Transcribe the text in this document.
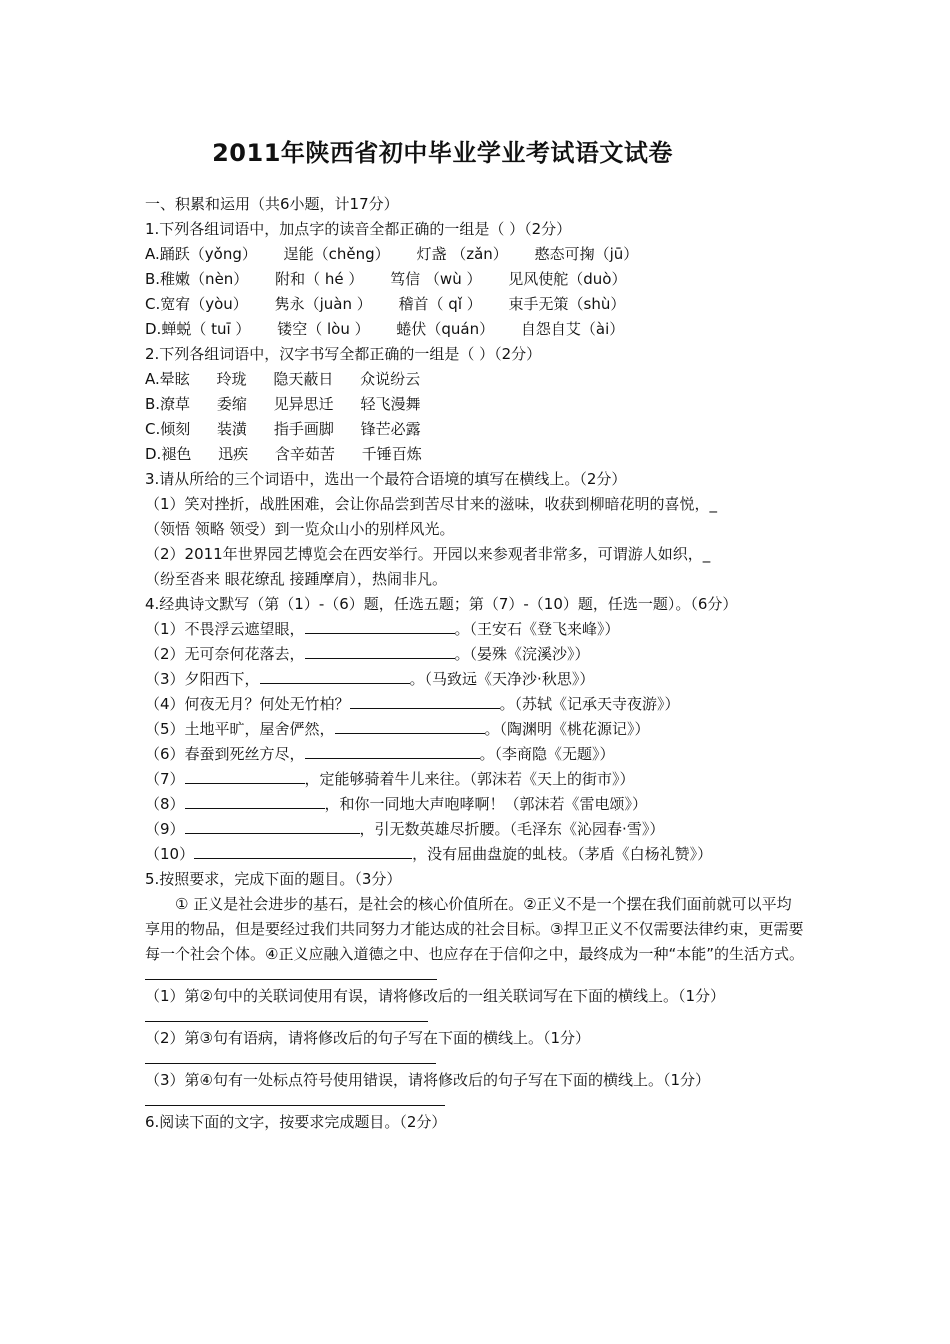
2011年陕西省初中毕业学业考试语文试卷
一、积累和运用（共6小题，计17分）
1.下列各组词语中，加点字的读音全都正确的一组是（ ）（2分）
A.踊跃（yǒng） 逞能（chěng） 灯盏 （zǎn） 憨态可掬（jū）
B.稚嫩（nèn） 附和（ hé ） 笃信 （wù ） 见风使舵（duò）
C.宽宥（yòu） 隽永（juàn ） 稽首（ qǐ ） 束手无策（shù）
D.蝉蜕（ tuī ） 镂空（ lòu ） 蜷伏（quán） 自怨自艾（ài）
2.下列各组词语中，汉字书写全都正确的一组是（ ）（2分）
A.晕眩 玲珑 隐天蔽日 众说纷云
B.潦草 委缩 见异思迁 轻飞漫舞
C.倾刻 装潢 指手画脚 锋芒必露
D.褪色 迅疾 含辛茹苦 千锤百炼
3.请从所给的三个词语中，选出一个最符合语境的填写在横线上。（2分）
（1）笑对挫折，战胜困难，会让你品尝到苦尽甘来的滋味，收获到柳暗花明的喜悦，_
（领悟 领略 领受）到一览众山小的别样风光。
（2）2011年世界园艺博览会在西安举行。开园以来参观者非常多，可谓游人如织，_
（纷至沓来 眼花缭乱 接踵摩肩），热闹非凡。
4.经典诗文默写（第（1）-（6）题，任选五题；第（7）-（10）题，任选一题）。（6分）
（1）不畏浮云遮望眼，	。（王安石《登飞来峰》）
（2）无可奈何花落去，	。（晏殊《浣溪沙》）
（3）夕阳西下，	。（马致远《天净沙·秋思》）
（4）何夜无月？何处无竹柏？	。（苏轼《记承天寺夜游》）
（5）土地平旷，屋舍俨然，	。（陶渊明《桃花源记》）
（6）春蚕到死丝方尽，	。（李商隐《无题》）
（7）	，定能够骑着牛儿来往。（郭沫若《天上的街市》）
（8）	，和你一同地大声咆哮啊！（郭沫若《雷电颂》）
（9）	，引无数英雄尽折腰。（毛泽东《沁园春·雪》）
（10）	，没有屈曲盘旋的虬枝。（茅盾《白杨礼赞》）
5.按照要求，完成下面的题目。（3分）
① 正义是社会进步的基石，是社会的核心价值所在。②正义不是一个摆在我们面前就可以平均享用的物品，但是要经过我们共同努力才能达成的社会目标。③捍卫正义不仅需要法律约束，更需要每一个社会个体。④正义应融入道德之中、也应存在于信仰之中，最终成为一种“本能”的生活方式。
（1）第②句中的关联词使用有误，请将修改后的一组关联词写在下面的横线上。（1分）
（2）第③句有语病，请将修改后的句子写在下面的横线上。（1分）
（3）第④句有一处标点符号使用错误，请将修改后的句子写在下面的横线上。（1分）
6.阅读下面的文字，按要求完成题目。（2分）
